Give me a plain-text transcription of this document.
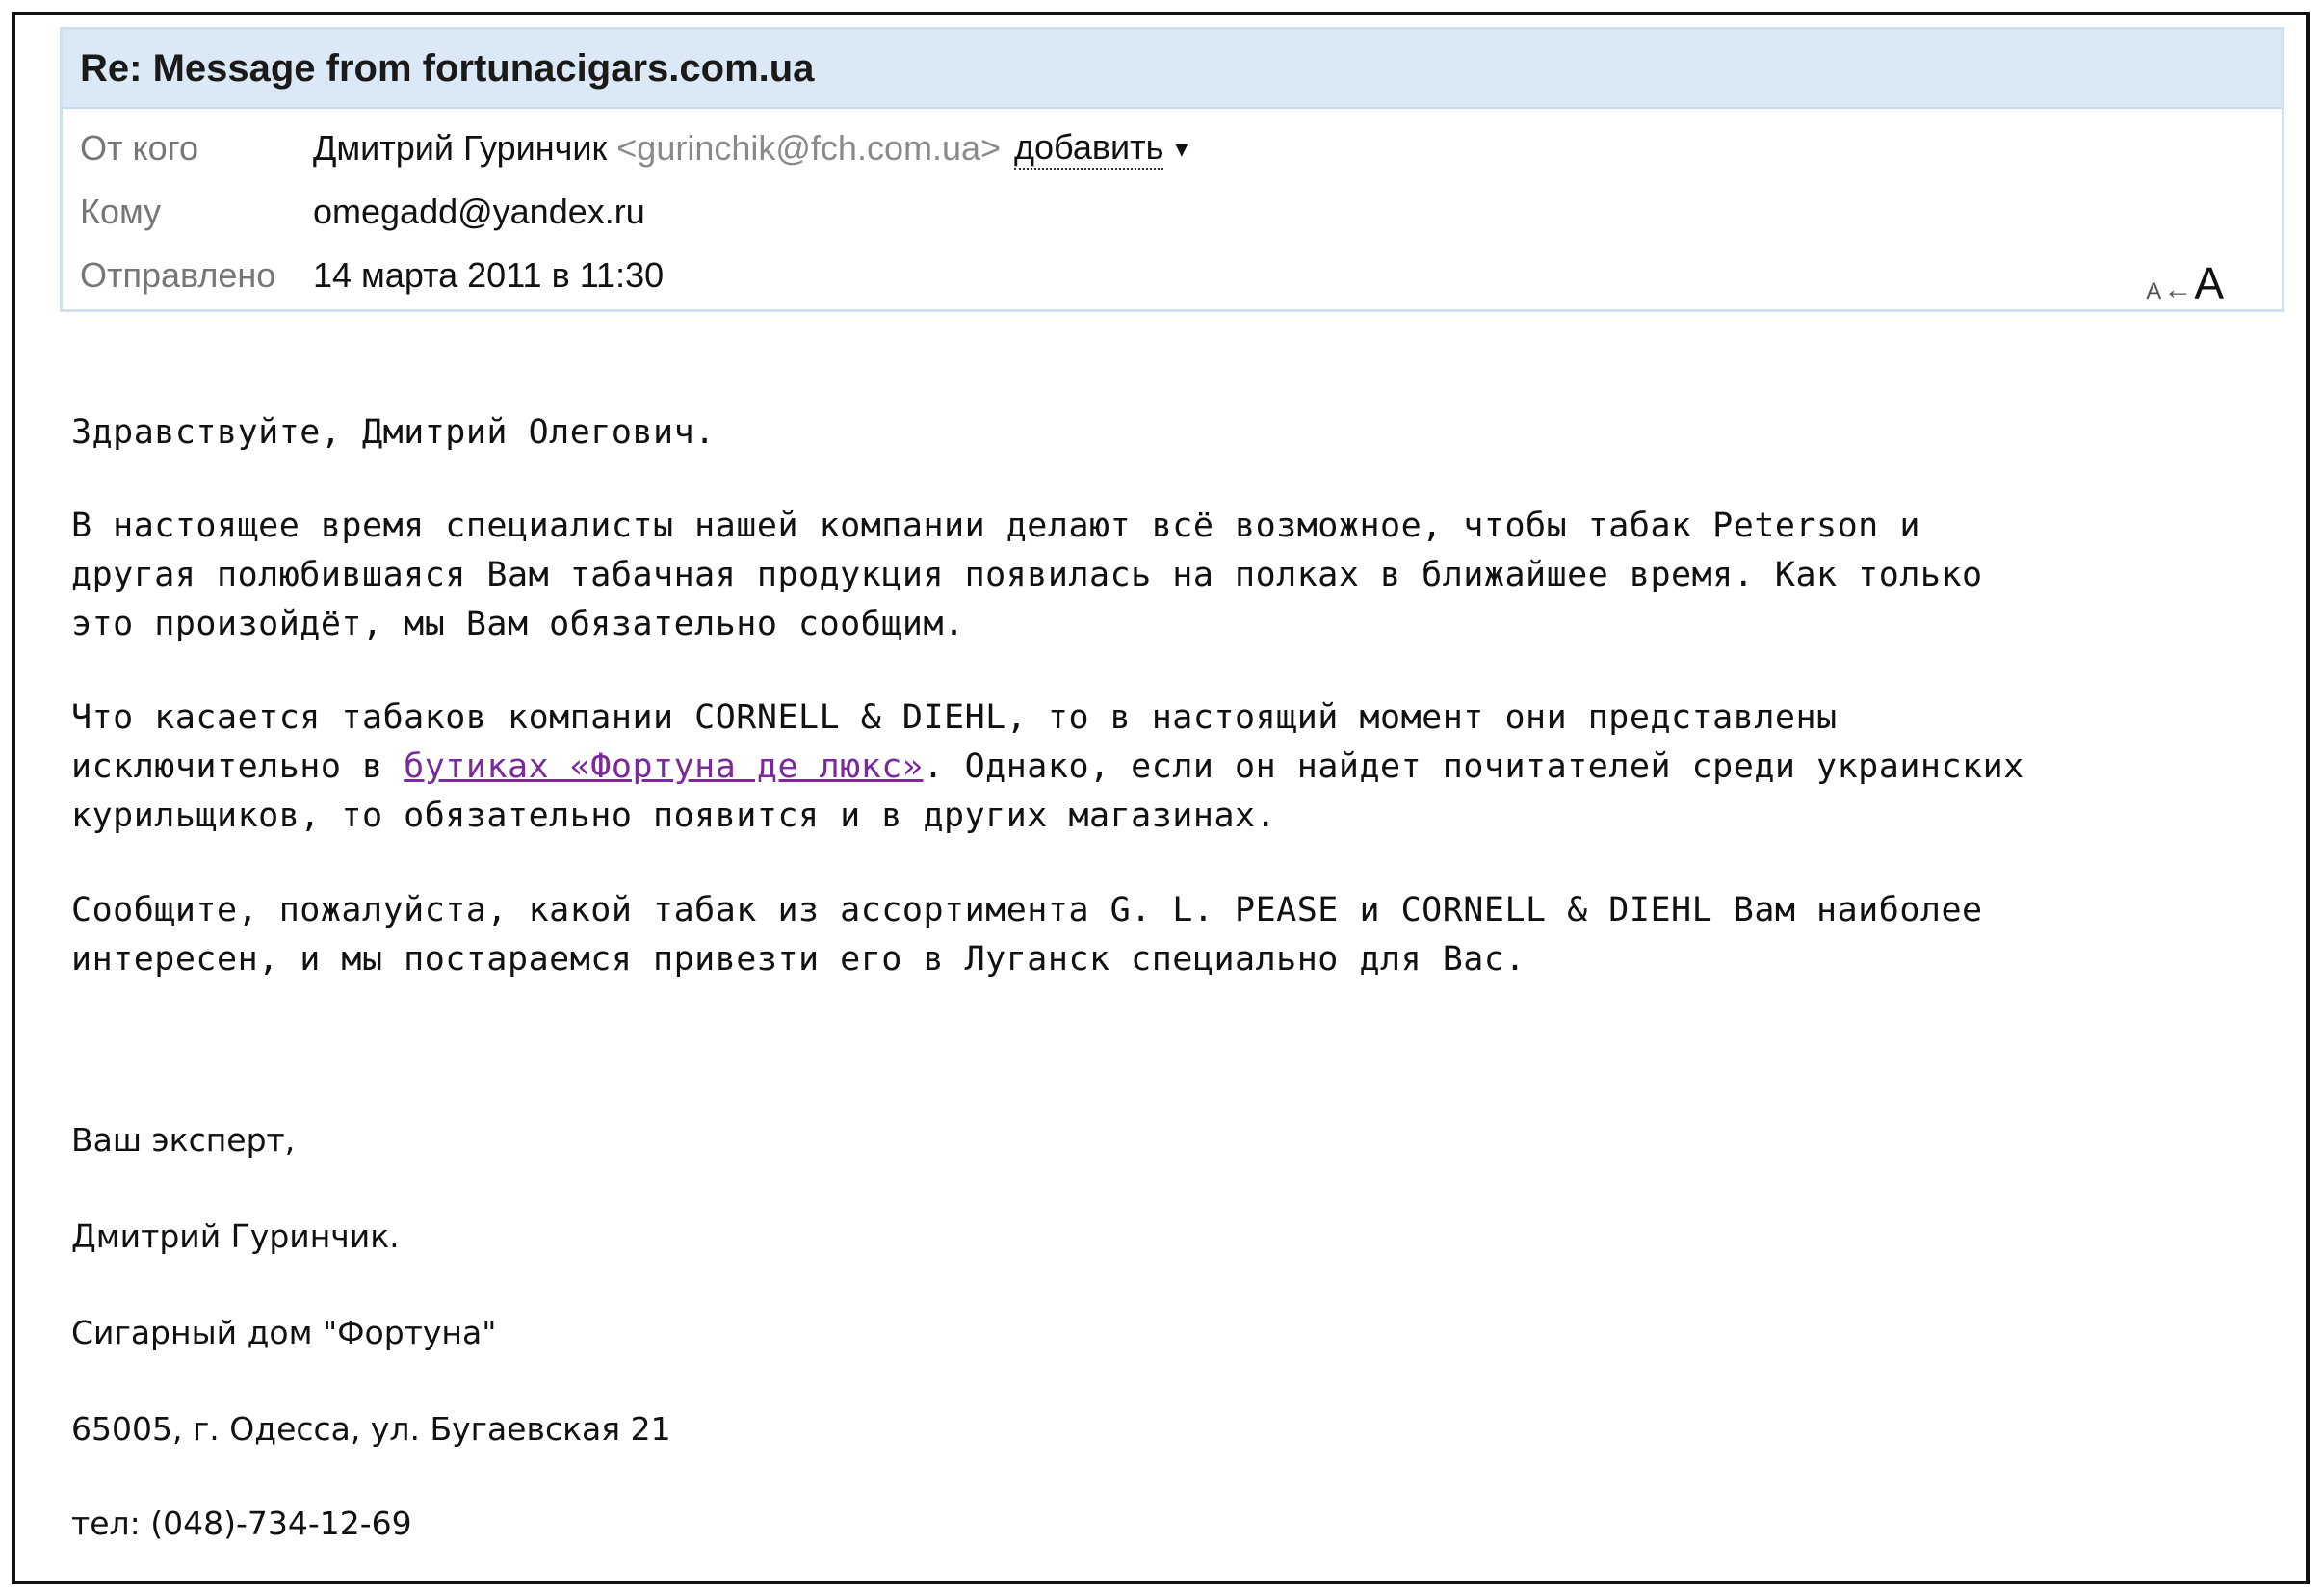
Re: Message from fortunacigars.com.ua
От кого	Дмитрий Гуринчик <gurinchik@fch.com.ua> добавить ▾
Кому	omegadd@yandex.ru
Отправлено	14 марта 2011 в 11:30	A ← A
Здравствуйте, Дмитрий Олегович.
В настоящее время специалисты нашей компании делают всё возможное, чтобы табак Peterson и
другая полюбившаяся Вам табачная продукция появилась на полках в ближайшее время. Как только
это произойдёт, мы Вам обязательно сообщим.
Что касается табаков компании CORNELL & DIEHL, то в настоящий момент они представлены
исключительно в бутиках «Фортуна де люкс». Однако, если он найдет почитателей среди украинских
курильщиков, то обязательно появится и в других магазинах.
Сообщите, пожалуйста, какой табак из ассортимента G. L. PEASE и CORNELL & DIEHL Вам наиболее
интересен, и мы постараемся привезти его в Луганск специально для Вас.
Ваш эксперт,
Дмитрий Гуринчик.
Сигарный дом "Фортуна"
65005, г. Одесса, ул. Бугаевская 21
тел: (048)-734-12-69
